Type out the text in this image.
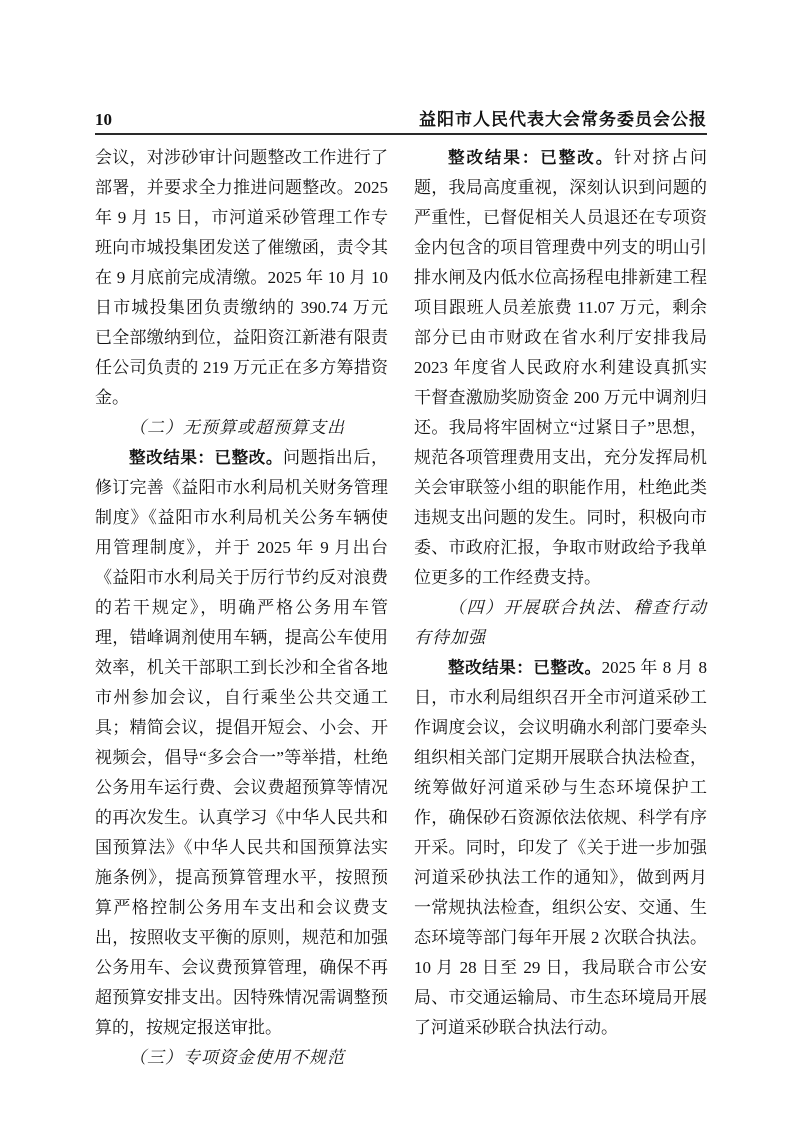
10	益阳市人民代表大会常务委员会公报

会议，对涉砂审计问题整改工作进行了部署，并要求全力推进问题整改。2025 年 9 月 15 日，市河道采砂管理工作专班向市城投集团发送了催缴函，责令其在 9 月底前完成清缴。2025 年 10 月 10 日市城投集团负责缴纳的 390.74 万元已全部缴纳到位，益阳资江新港有限责任公司负责的 219 万元正在多方筹措资金。

（二）无预算或超预算支出

整改结果：已整改。问题指出后，修订完善《益阳市水利局机关财务管理制度》《益阳市水利局机关公务车辆使用管理制度》，并于 2025 年 9 月出台《益阳市水利局关于厉行节约反对浪费的若干规定》，明确严格公务用车管理，错峰调剂使用车辆，提高公车使用效率，机关干部职工到长沙和全省各地市州参加会议，自行乘坐公共交通工具；精简会议，提倡开短会、小会、开视频会，倡导“多会合一”等举措，杜绝公务用车运行费、会议费超预算等情况的再次发生。认真学习《中华人民共和国预算法》《中华人民共和国预算法实施条例》，提高预算管理水平，按照预算严格控制公务用车支出和会议费支出，按照收支平衡的原则，规范和加强公务用车、会议费预算管理，确保不再超预算安排支出。因特殊情况需调整预算的，按规定报送审批。

（三）专项资金使用不规范

整改结果：已整改。针对挤占问题，我局高度重视，深刻认识到问题的严重性，已督促相关人员退还在专项资金内包含的项目管理费中列支的明山引排水闸及内低水位高扬程电排新建工程项目跟班人员差旅费 11.07 万元，剩余部分已由市财政在省水利厅安排我局 2023 年度省人民政府水利建设真抓实干督查激励奖励资金 200 万元中调剂归还。我局将牢固树立“过紧日子”思想，规范各项管理费用支出，充分发挥局机关会审联签小组的职能作用，杜绝此类违规支出问题的发生。同时，积极向市委、市政府汇报，争取市财政给予我单位更多的工作经费支持。

（四）开展联合执法、稽查行动有待加强

整改结果：已整改。2025 年 8 月 8 日，市水利局组织召开全市河道采砂工作调度会议，会议明确水利部门要牵头组织相关部门定期开展联合执法检查，统筹做好河道采砂与生态环境保护工作，确保砂石资源依法依规、科学有序开采。同时，印发了《关于进一步加强河道采砂执法工作的通知》，做到两月一常规执法检查，组织公安、交通、生态环境等部门每年开展 2 次联合执法。10 月 28 日至 29 日，我局联合市公安局、市交通运输局、市生态环境局开展了河道采砂联合执法行动。
